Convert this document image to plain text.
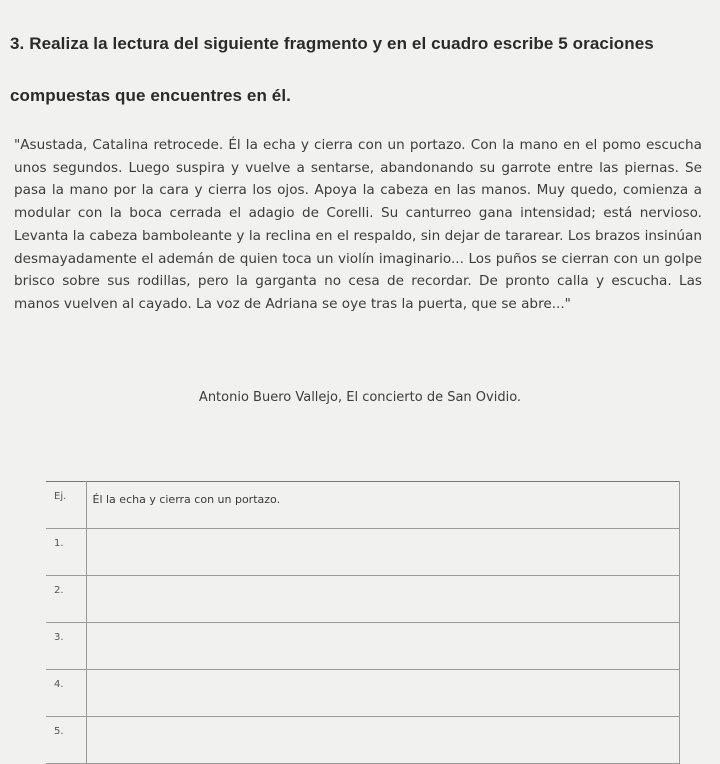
3. Realiza la lectura del siguiente fragmento y en el cuadro escribe 5 oraciones compuestas que encuentres en él.
"Asustada, Catalina retrocede. Él la echa y cierra con un portazo. Con la mano en el pomo escucha unos segundos. Luego suspira y vuelve a sentarse, abandonando su garrote entre las piernas. Se pasa la mano por la cara y cierra los ojos. Apoya la cabeza en las manos. Muy quedo, comienza a modular con la boca cerrada el adagio de Corelli. Su canturreo gana intensidad; está nervioso. Levanta la cabeza bamboleante y la reclina en el respaldo, sin dejar de tararear. Los brazos insinúan desmayadamente el ademán de quien toca un violín imaginario... Los puños se cierran con un golpe brisco sobre sus rodillas, pero la garganta no cesa de recordar. De pronto calla y escucha. Las manos vuelven al cayado. La voz de Adriana se oye tras la puerta, que se abre..."
Antonio Buero Vallejo, El concierto de San Ovidio.
Ej.	Él la echa y cierra con un portazo.
1.	
2.	
3.	
4.	
5.	
